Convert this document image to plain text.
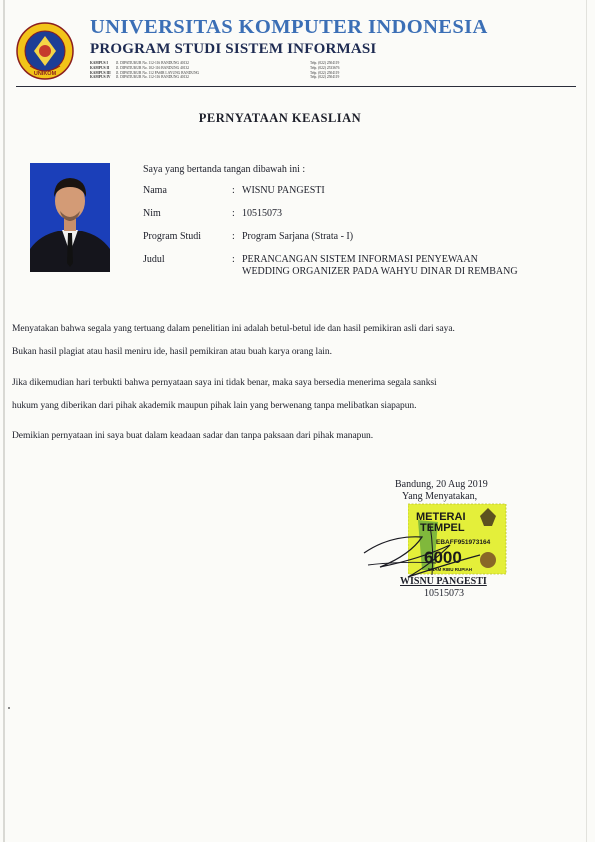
UNIKOM
UNIVERSITAS KOMPUTER INDONESIA
PROGRAM STUDI SISTEM INFORMASI
KAMPUS I	Jl. DIPATIUKUR No. 112-116 BANDUNG 40132	Telp. (022) 2504119
KAMPUS II	Jl. DIPATIUKUR No. 102-116 BANDUNG 40132	Telp. (022) 2533676
KAMPUS III	Jl. DIPATIUKUR No. 112 PASIR LAYUNG BANDUNG	Telp. (022) 2504119
KAMPUS IV	Jl. DIPATIUKUR No. 112-116 BANDUNG 40132	Telp. (022) 2504119
PERNYATAAN KEASLIAN
Saya yang bertanda tangan dibawah ini :
Nama	: WISNU PANGESTI
Nim	: 10515073
Program Studi	: Program Sarjana (Strata - I)
Judul	: PERANCANGAN SISTEM INFORMASI PENYEWAAN
WEDDING ORGANIZER PADA WAHYU DINAR DI REMBANG
Menyatakan bahwa segala yang tertuang dalam penelitian ini adalah betul-betul ide dan hasil pemikiran asli dari saya.
Bukan hasil plagiat atau hasil meniru ide, hasil pemikiran atau buah karya orang lain.
Jika dikemudian hari terbukti bahwa pernyataan saya ini tidak benar, maka saya bersedia menerima segala sanksi
hukum yang diberikan dari pihak akademik maupun pihak lain yang berwenang tanpa melibatkan siapapun.
Demikian pernyataan ini saya buat dalam keadaan sadar dan tanpa paksaan dari pihak manapun.
Bandung, 20 Aug 2019
Yang Menyatakan,
METERAI
TEMPEL
EBAFF951973164
6000
ENAM RIBU RUPIAH
WISNU PANGESTI
10515073
